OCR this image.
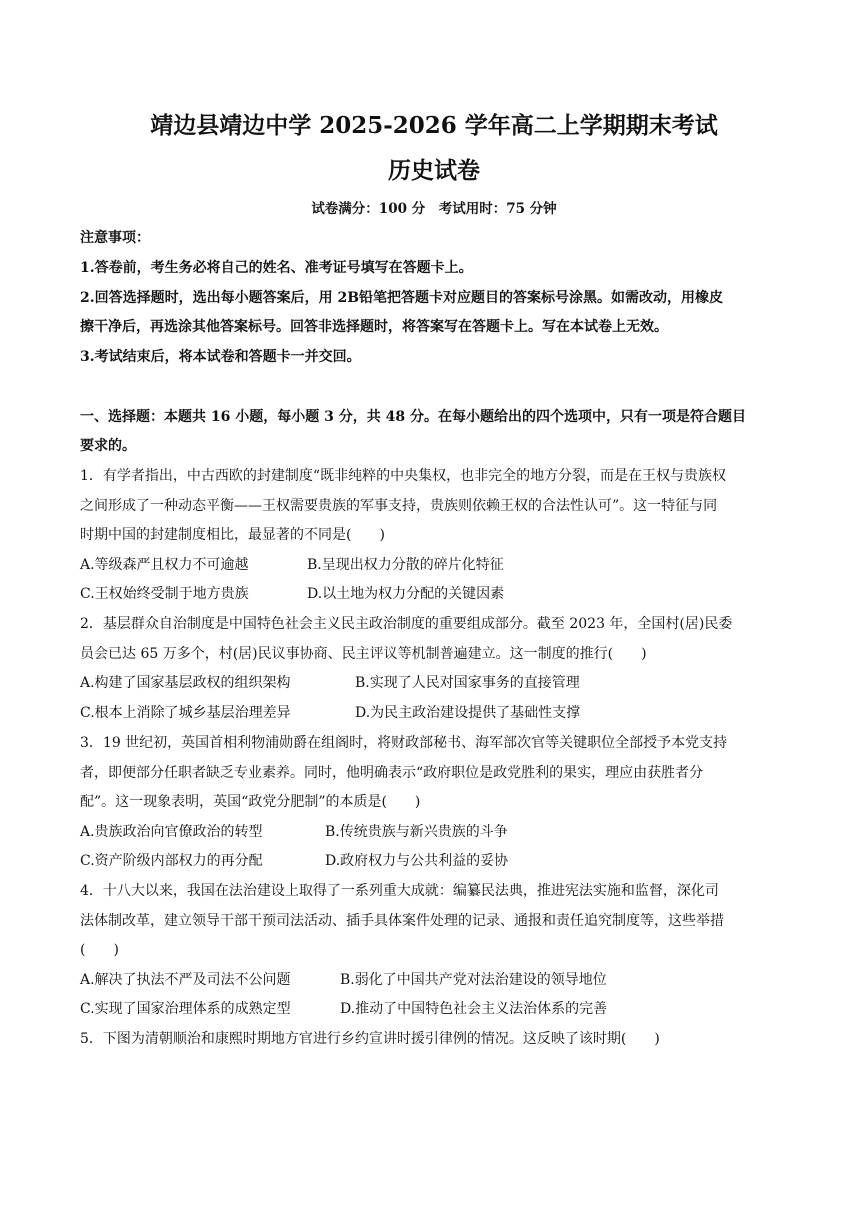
靖边县靖边中学 2025-2026 学年高二上学期期末考试
历史试卷
试卷满分：100 分　考试用时：75 分钟
注意事项：
1.答卷前，考生务必将自己的姓名、准考证号填写在答题卡上。
2.回答选择题时，选出每小题答案后，用 2B铅笔把答题卡对应题目的答案标号涂黑。如需改动，用橡皮
擦干净后，再选涂其他答案标号。回答非选择题时，将答案写在答题卡上。写在本试卷上无效。
3.考试结束后，将本试卷和答题卡一并交回。
一、选择题：本题共 16 小题，每小题 3 分，共 48 分。在每小题给出的四个选项中，只有一项是符合题目
要求的。
1．有学者指出，中古西欧的封建制度“既非纯粹的中央集权，也非完全的地方分裂，而是在王权与贵族权
之间形成了一种动态平衡——王权需要贵族的军事支持，贵族则依赖王权的合法性认可”。这一特征与同
时期中国的封建制度相比，最显著的不同是(　　)
A.等级森严且权力不可逾越	B.呈现出权力分散的碎片化特征
C.王权始终受制于地方贵族	D.以土地为权力分配的关键因素
2．基层群众自治制度是中国特色社会主义民主政治制度的重要组成部分。截至 2023 年，全国村(居)民委
员会已达 65 万多个，村(居)民议事协商、民主评议等机制普遍建立。这一制度的推行(　　)
A.构建了国家基层政权的组织架构	B.实现了人民对国家事务的直接管理
C.根本上消除了城乡基层治理差异	D.为民主政治建设提供了基础性支撑
3．19 世纪初，英国首相利物浦勋爵在组阁时，将财政部秘书、海军部次官等关键职位全部授予本党支持
者，即便部分任职者缺乏专业素养。同时，他明确表示“政府职位是政党胜利的果实，理应由获胜者分
配”。这一现象表明，英国“政党分肥制”的本质是(　　)
A.贵族政治向官僚政治的转型	B.传统贵族与新兴贵族的斗争
C.资产阶级内部权力的再分配	D.政府权力与公共利益的妥协
4．十八大以来，我国在法治建设上取得了一系列重大成就：编纂民法典，推进宪法实施和监督，深化司
法体制改革，建立领导干部干预司法活动、插手具体案件处理的记录、通报和责任追究制度等，这些举措
(　　)
A.解决了执法不严及司法不公问题	B.弱化了中国共产党对法治建设的领导地位
C.实现了国家治理体系的成熟定型	D.推动了中国特色社会主义法治体系的完善
5．下图为清朝顺治和康熙时期地方官进行乡约宣讲时援引律例的情况。这反映了该时期(　　)
